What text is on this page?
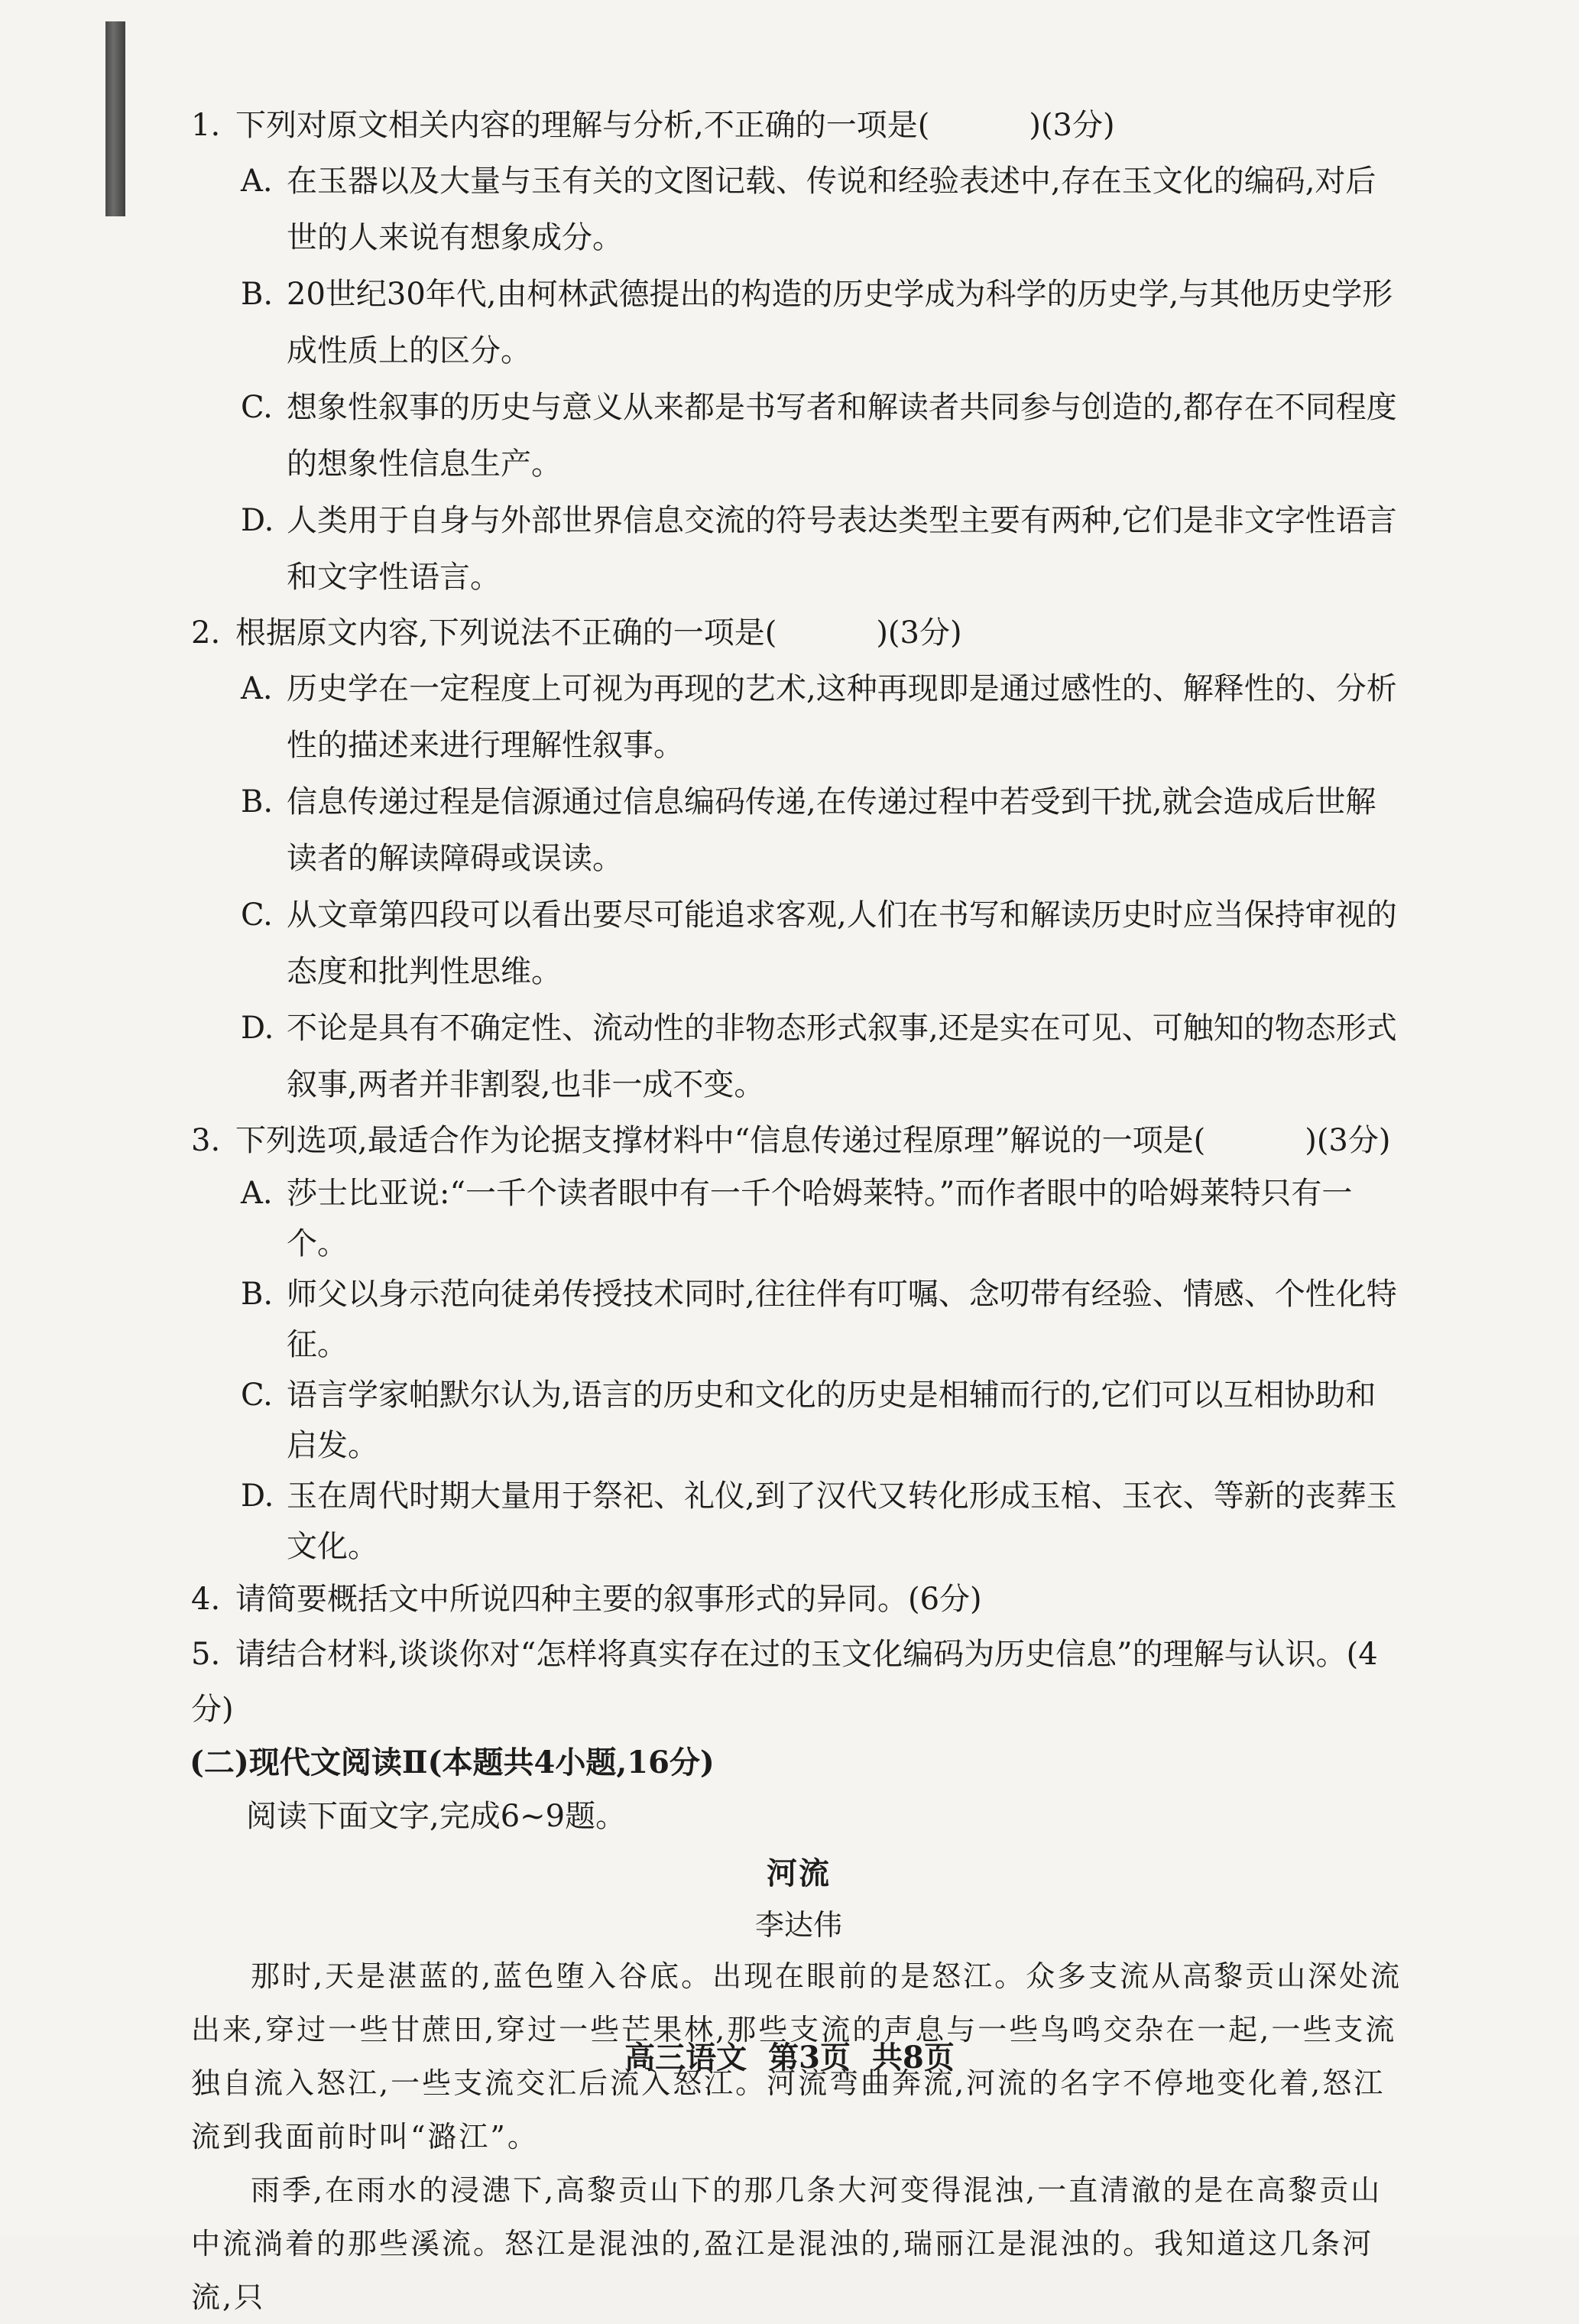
1. 下列对原文相关内容的理解与分析,不正确的一项是(	)(3分)

A. 在玉器以及大量与玉有关的文图记载、传说和经验表述中,存在玉文化的编码,对后世的人来说有想象成分。

B. 20世纪30年代,由柯林武德提出的构造的历史学成为科学的历史学,与其他历史学形成性质上的区分。

C. 想象性叙事的历史与意义从来都是书写者和解读者共同参与创造的,都存在不同程度的想象性信息生产。

D. 人类用于自身与外部世界信息交流的符号表达类型主要有两种,它们是非文字性语言和文字性语言。

2. 根据原文内容,下列说法不正确的一项是(	)(3分)

A. 历史学在一定程度上可视为再现的艺术,这种再现即是通过感性的、解释性的、分析性的描述来进行理解性叙事。

B. 信息传递过程是信源通过信息编码传递,在传递过程中若受到干扰,就会造成后世解读者的解读障碍或误读。

C. 从文章第四段可以看出要尽可能追求客观,人们在书写和解读历史时应当保持审视的态度和批判性思维。

D. 不论是具有不确定性、流动性的非物态形式叙事,还是实在可见、可触知的物态形式叙事,两者并非割裂,也非一成不变。

3. 下列选项,最适合作为论据支撑材料中“信息传递过程原理”解说的一项是(	)(3分)

A. 莎士比亚说:“一千个读者眼中有一千个哈姆莱特。”而作者眼中的哈姆莱特只有一个。

B. 师父以身示范向徒弟传授技术同时,往往伴有叮嘱、念叨带有经验、情感、个性化特征。

C. 语言学家帕默尔认为,语言的历史和文化的历史是相辅而行的,它们可以互相协助和启发。

D. 玉在周代时期大量用于祭祀、礼仪,到了汉代又转化形成玉棺、玉衣、等新的丧葬玉文化。

4. 请简要概括文中所说四种主要的叙事形式的异同。(6分)

5. 请结合材料,谈谈你对“怎样将真实存在过的玉文化编码为历史信息”的理解与认识。(4分)

(二)现代文阅读Ⅱ(本题共4小题,16分)

阅读下面文字,完成6~9题。

河流

李达伟

那时,天是湛蓝的,蓝色堕入谷底。出现在眼前的是怒江。众多支流从高黎贡山深处流出来,穿过一些甘蔗田,穿过一些芒果林,那些支流的声息与一些鸟鸣交杂在一起,一些支流独自流入怒江,一些支流交汇后流入怒江。河流弯曲奔流,河流的名字不停地变化着,怒江流到我面前时叫“潞江”。

雨季,在雨水的浸漶下,高黎贡山下的那几条大河变得混浊,一直清澈的是在高黎贡山中流淌着的那些溪流。怒江是混浊的,盈江是混浊的,瑞丽江是混浊的。我知道这几条河流,只

高三语文 第3页 共8页
